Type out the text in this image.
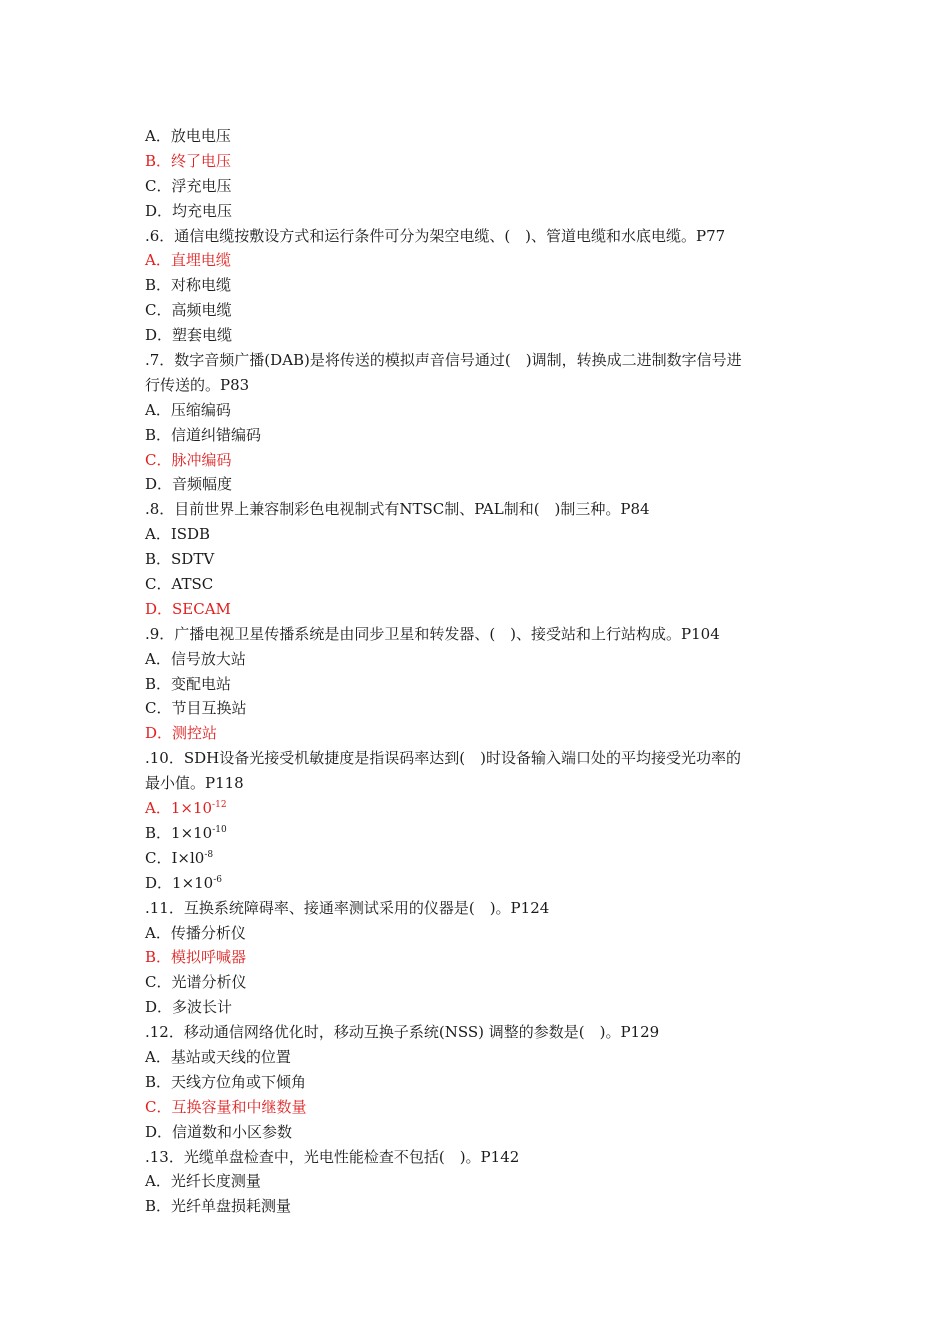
A．放电电压
B．终了电压
C．浮充电压
D．均充电压
.6．通信电缆按敷设方式和运行条件可分为架空电缆、(　)、管道电缆和水底电缆。P77
A．直埋电缆
B．对称电缆
C．高频电缆
D．塑套电缆
.7．数字音频广播(DAB)是将传送的模拟声音信号通过(　)调制，转换成二进制数字信号进
行传送的。P83
A．压缩编码
B．信道纠错编码
C．脉冲编码
D．音频幅度
.8．目前世界上兼容制彩色电视制式有NTSC制、PAL制和(　)制三种。P84
A．ISDB
B．SDTV
C．ATSC
D．SECAM
.9．广播电视卫星传播系统是由同步卫星和转发器、(　)、接受站和上行站构成。P104
A．信号放大站
B．变配电站
C．节目互换站
D．测控站
.10．SDH设备光接受机敏捷度是指误码率达到(　)时设备输入端口处的平均接受光功率的
最小值。P118
A．$1\times 10^{-12}$
B．$1\times 10^{-10}$
C．$I\times l0^{-8}$
D．$1\times 10^{-6}$
.11．互换系统障碍率、接通率测试采用的仪器是(　)。P124
A．传播分析仪
B．模拟呼喊器
C．光谱分析仪
D．多波长计
.12．移动通信网络优化时，移动互换子系统(NSS) 调整的参数是(　)。P129
A．基站或天线的位置
B．天线方位角或下倾角
C．互换容量和中继数量
D．信道数和小区参数
.13．光缆单盘检查中，光电性能检查不包括(　)。P142
A．光纤长度测量
B．光纤单盘损耗测量
